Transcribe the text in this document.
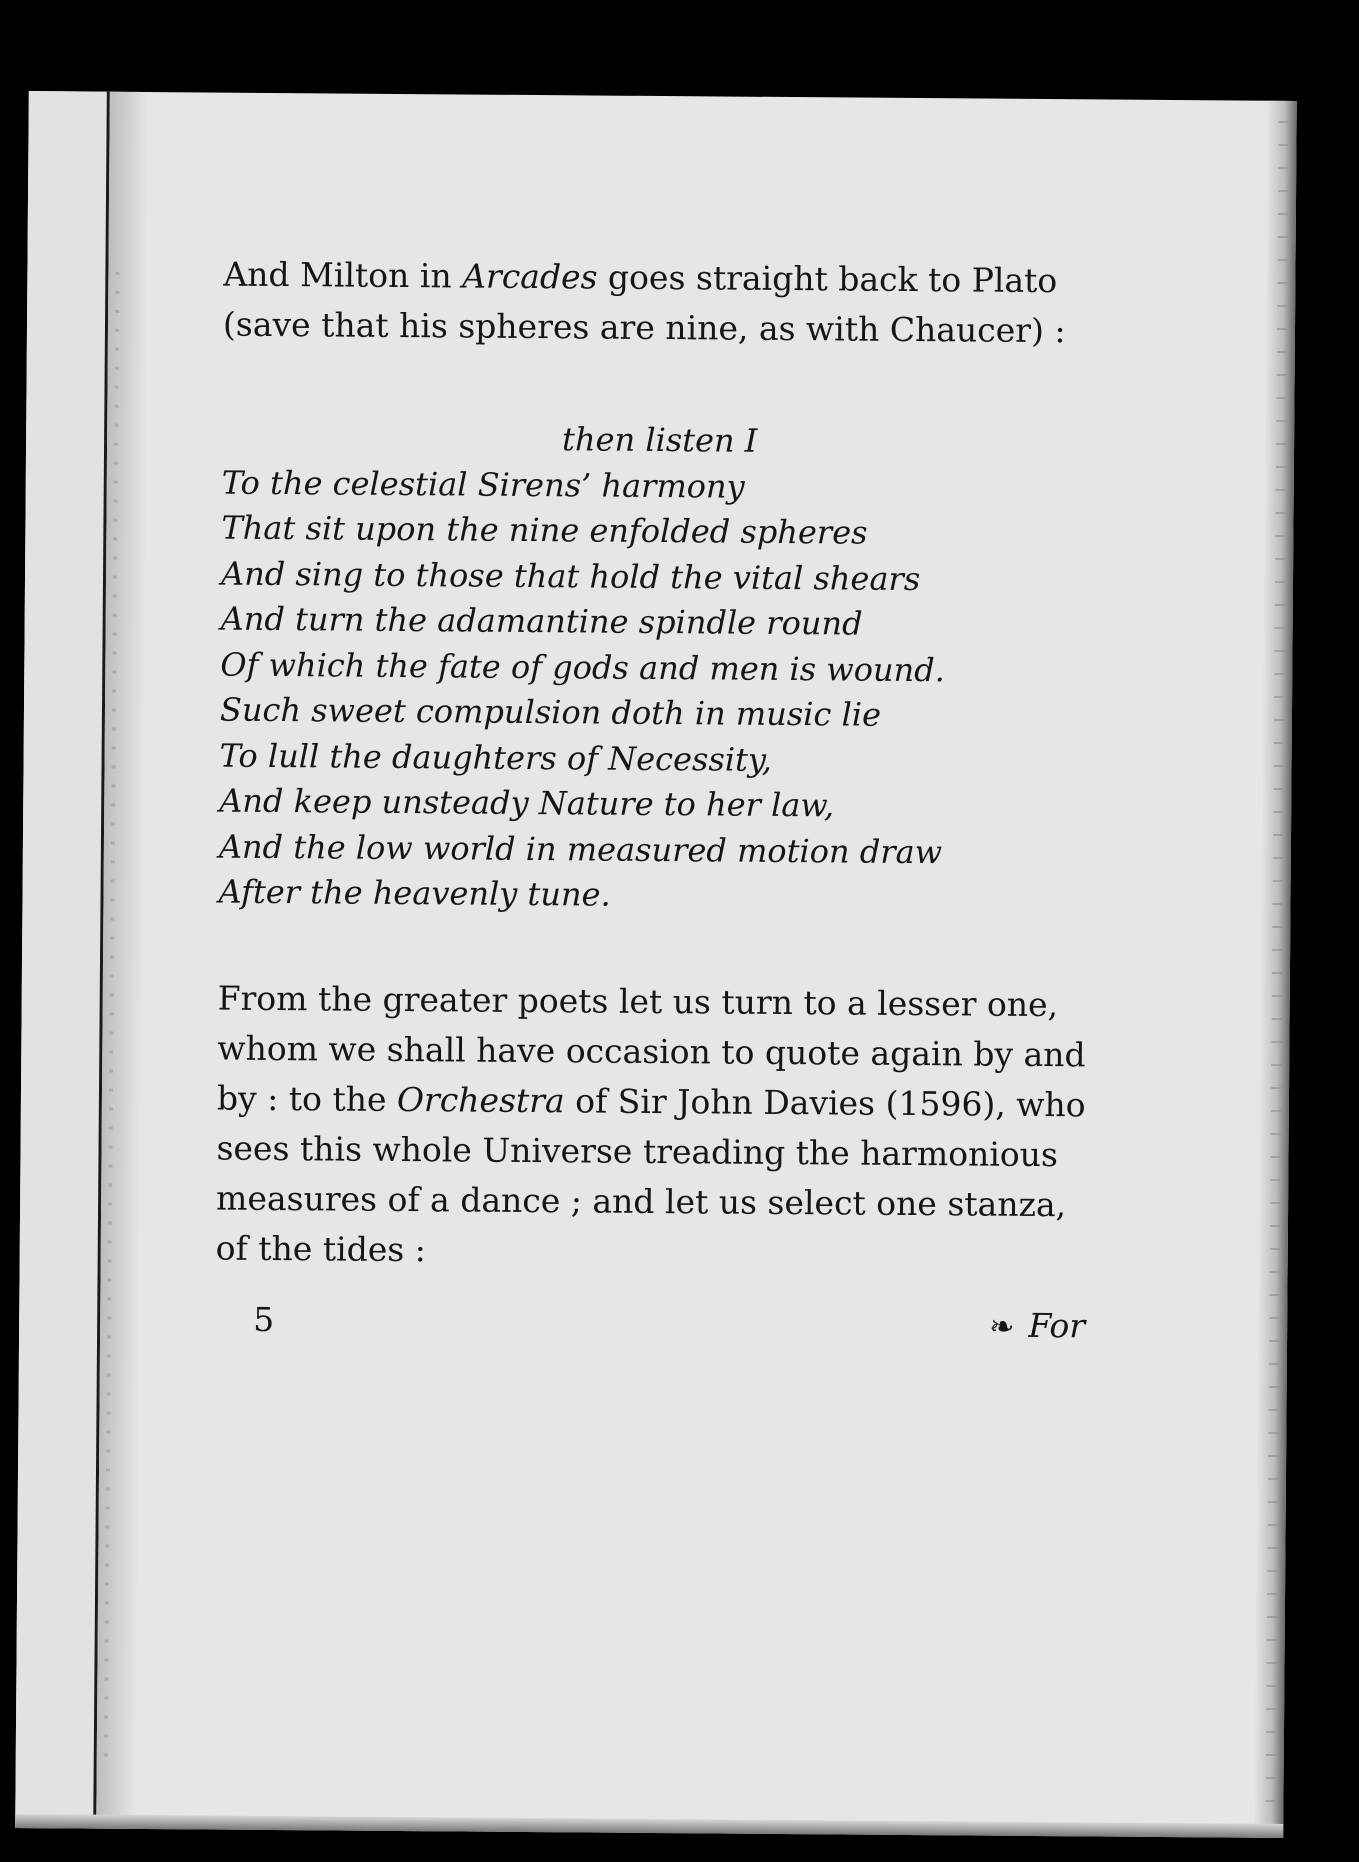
And Milton in Arcades goes straight back to Plato (save that his spheres are nine, as with Chaucer) :

then listen I
To the celestial Sirens’ harmony
That sit upon the nine enfolded spheres
And sing to those that hold the vital shears
And turn the adamantine spindle round
Of which the fate of gods and men is wound.
Such sweet compulsion doth in music lie
To lull the daughters of Necessity,
And keep unsteady Nature to her law,
And the low world in measured motion draw
After the heavenly tune.

From the greater poets let us turn to a lesser one, whom we shall have occasion to quote again by and by : to the Orchestra of Sir John Davies (1596), who sees this whole Universe treading the harmonious measures of a dance ; and let us select one stanza, of the tides :

5	❧ For
